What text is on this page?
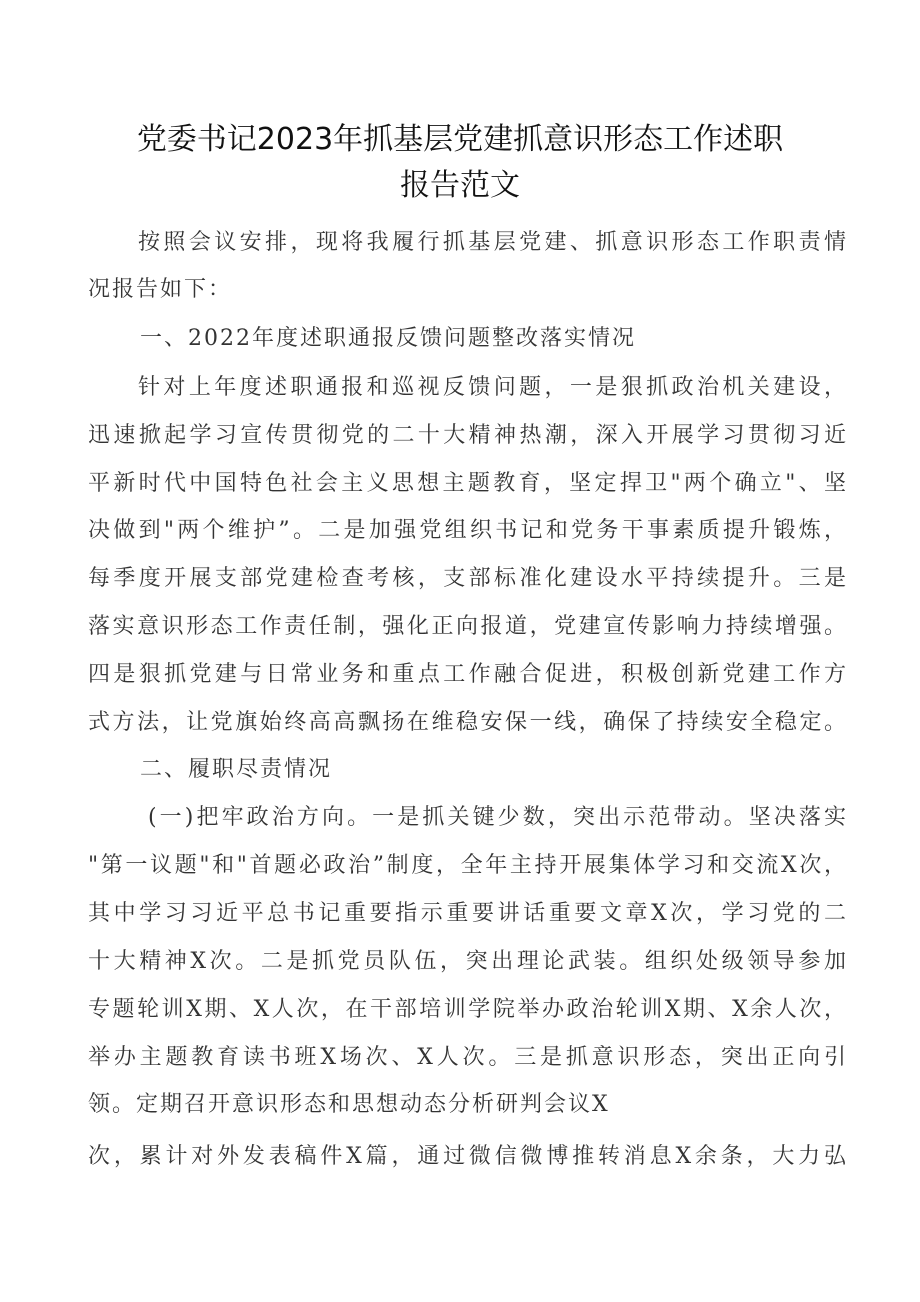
党委书记2023年抓基层党建抓意识形态工作述职
报告范文
按照会议安排，现将我履行抓基层党建、抓意识形态工作职责情
况报告如下：
一、2022年度述职通报反馈问题整改落实情况
针对上年度述职通报和巡视反馈问题，一是狠抓政治机关建设，
迅速掀起学习宣传贯彻党的二十大精神热潮，深入开展学习贯彻习近
平新时代中国特色社会主义思想主题教育，坚定捍卫"两个确立"、坚
决做到"两个维护”。二是加强党组织书记和党务干事素质提升锻炼，
每季度开展支部党建检查考核，支部标准化建设水平持续提升。三是
落实意识形态工作责任制，强化正向报道，党建宣传影响力持续增强。
四是狠抓党建与日常业务和重点工作融合促进，积极创新党建工作方
式方法，让党旗始终高高飘扬在维稳安保一线，确保了持续安全稳定。
二、履职尽责情况
(一)把牢政治方向。一是抓关键少数，突出示范带动。坚决落实
"第一议题"和"首题必政治”制度，全年主持开展集体学习和交流X次，
其中学习习近平总书记重要指示重要讲话重要文章X次，学习党的二
十大精神X次。二是抓党员队伍，突出理论武装。组织处级领导参加
专题轮训X期、X人次，在干部培训学院举办政治轮训X期、X余人次，
举办主题教育读书班X场次、X人次。三是抓意识形态，突出正向引
领。定期召开意识形态和思想动态分析研判会议X
次，累计对外发表稿件X篇，通过微信微博推转消息X余条，大力弘
